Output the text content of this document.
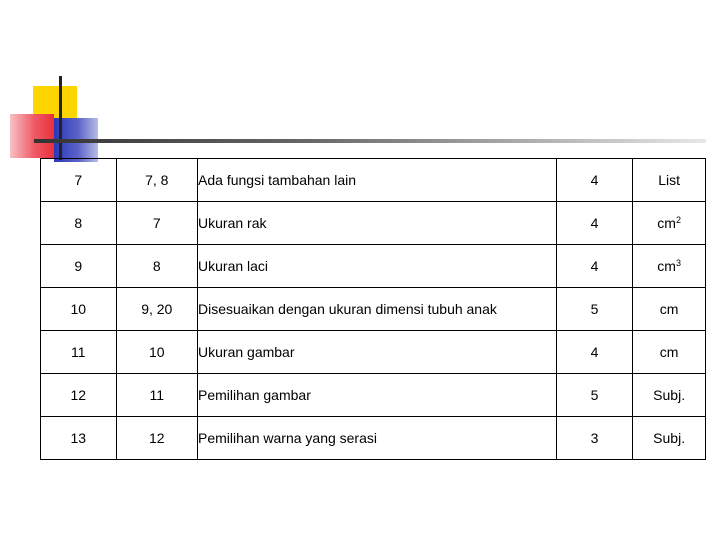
7	7, 8	Ada fungsi tambahan lain	4	List
8	7	Ukuran rak	4	$cm^2$
9	8	Ukuran laci	4	$cm^3$
10	9, 20	Disesuaikan dengan ukuran dimensi tubuh anak	5	cm
11	10	Ukuran gambar	4	cm
12	11	Pemilihan gambar	5	Subj.
13	12	Pemilihan warna yang serasi	3	Subj.
